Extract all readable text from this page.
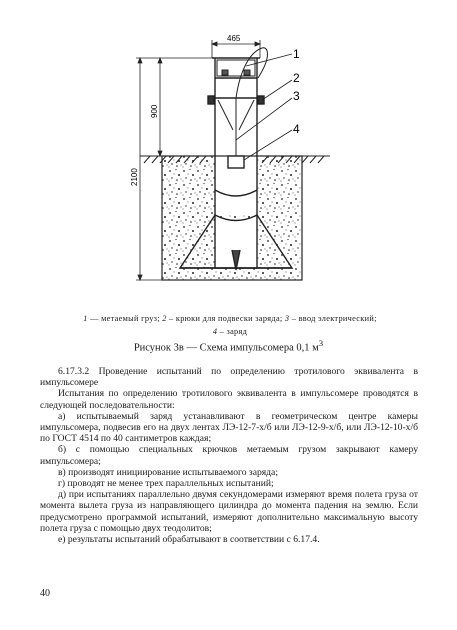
465
900
2100
1
2
3
4
1 — метаемый груз; 2 – крюки для подвески заряда; 3 – ввод электрический;
4 – заряд
Рисунок 3в — Схема импульсомера 0,1 $м^3$

6.17.3.2 Проведение испытаний по определению тротилового эквивалента в импульсомере

Испытания по определению тротилового эквивалента в импульсомере проводятся в следующей последовательности:

а) испытываемый заряд устанавливают в геометрическом центре камеры импульсомера, подвесив его на двух лентах ЛЭ-12-7-х/б или ЛЭ-12-9-х/б, или ЛЭ-12-10-х/б по ГОСТ 4514 по 40 сантиметров каждая;

б) с помощью специальных крючков метаемым грузом закрывают камеру импульсомера;

в) производят инициирование испытываемого заряда;

г) проводят не менее трех параллельных испытаний;

д) при испытаниях параллельно двумя секундомерами измеряют время полета груза от момента вылета груза из направляющего цилиндра до момента падения на землю. Если предусмотрено программой испытаний, измеряют дополнительно максимальную высоту полета груза с помощью двух теодолитов;

е) результаты испытаний обрабатывают в соответствии с 6.17.4.

40
